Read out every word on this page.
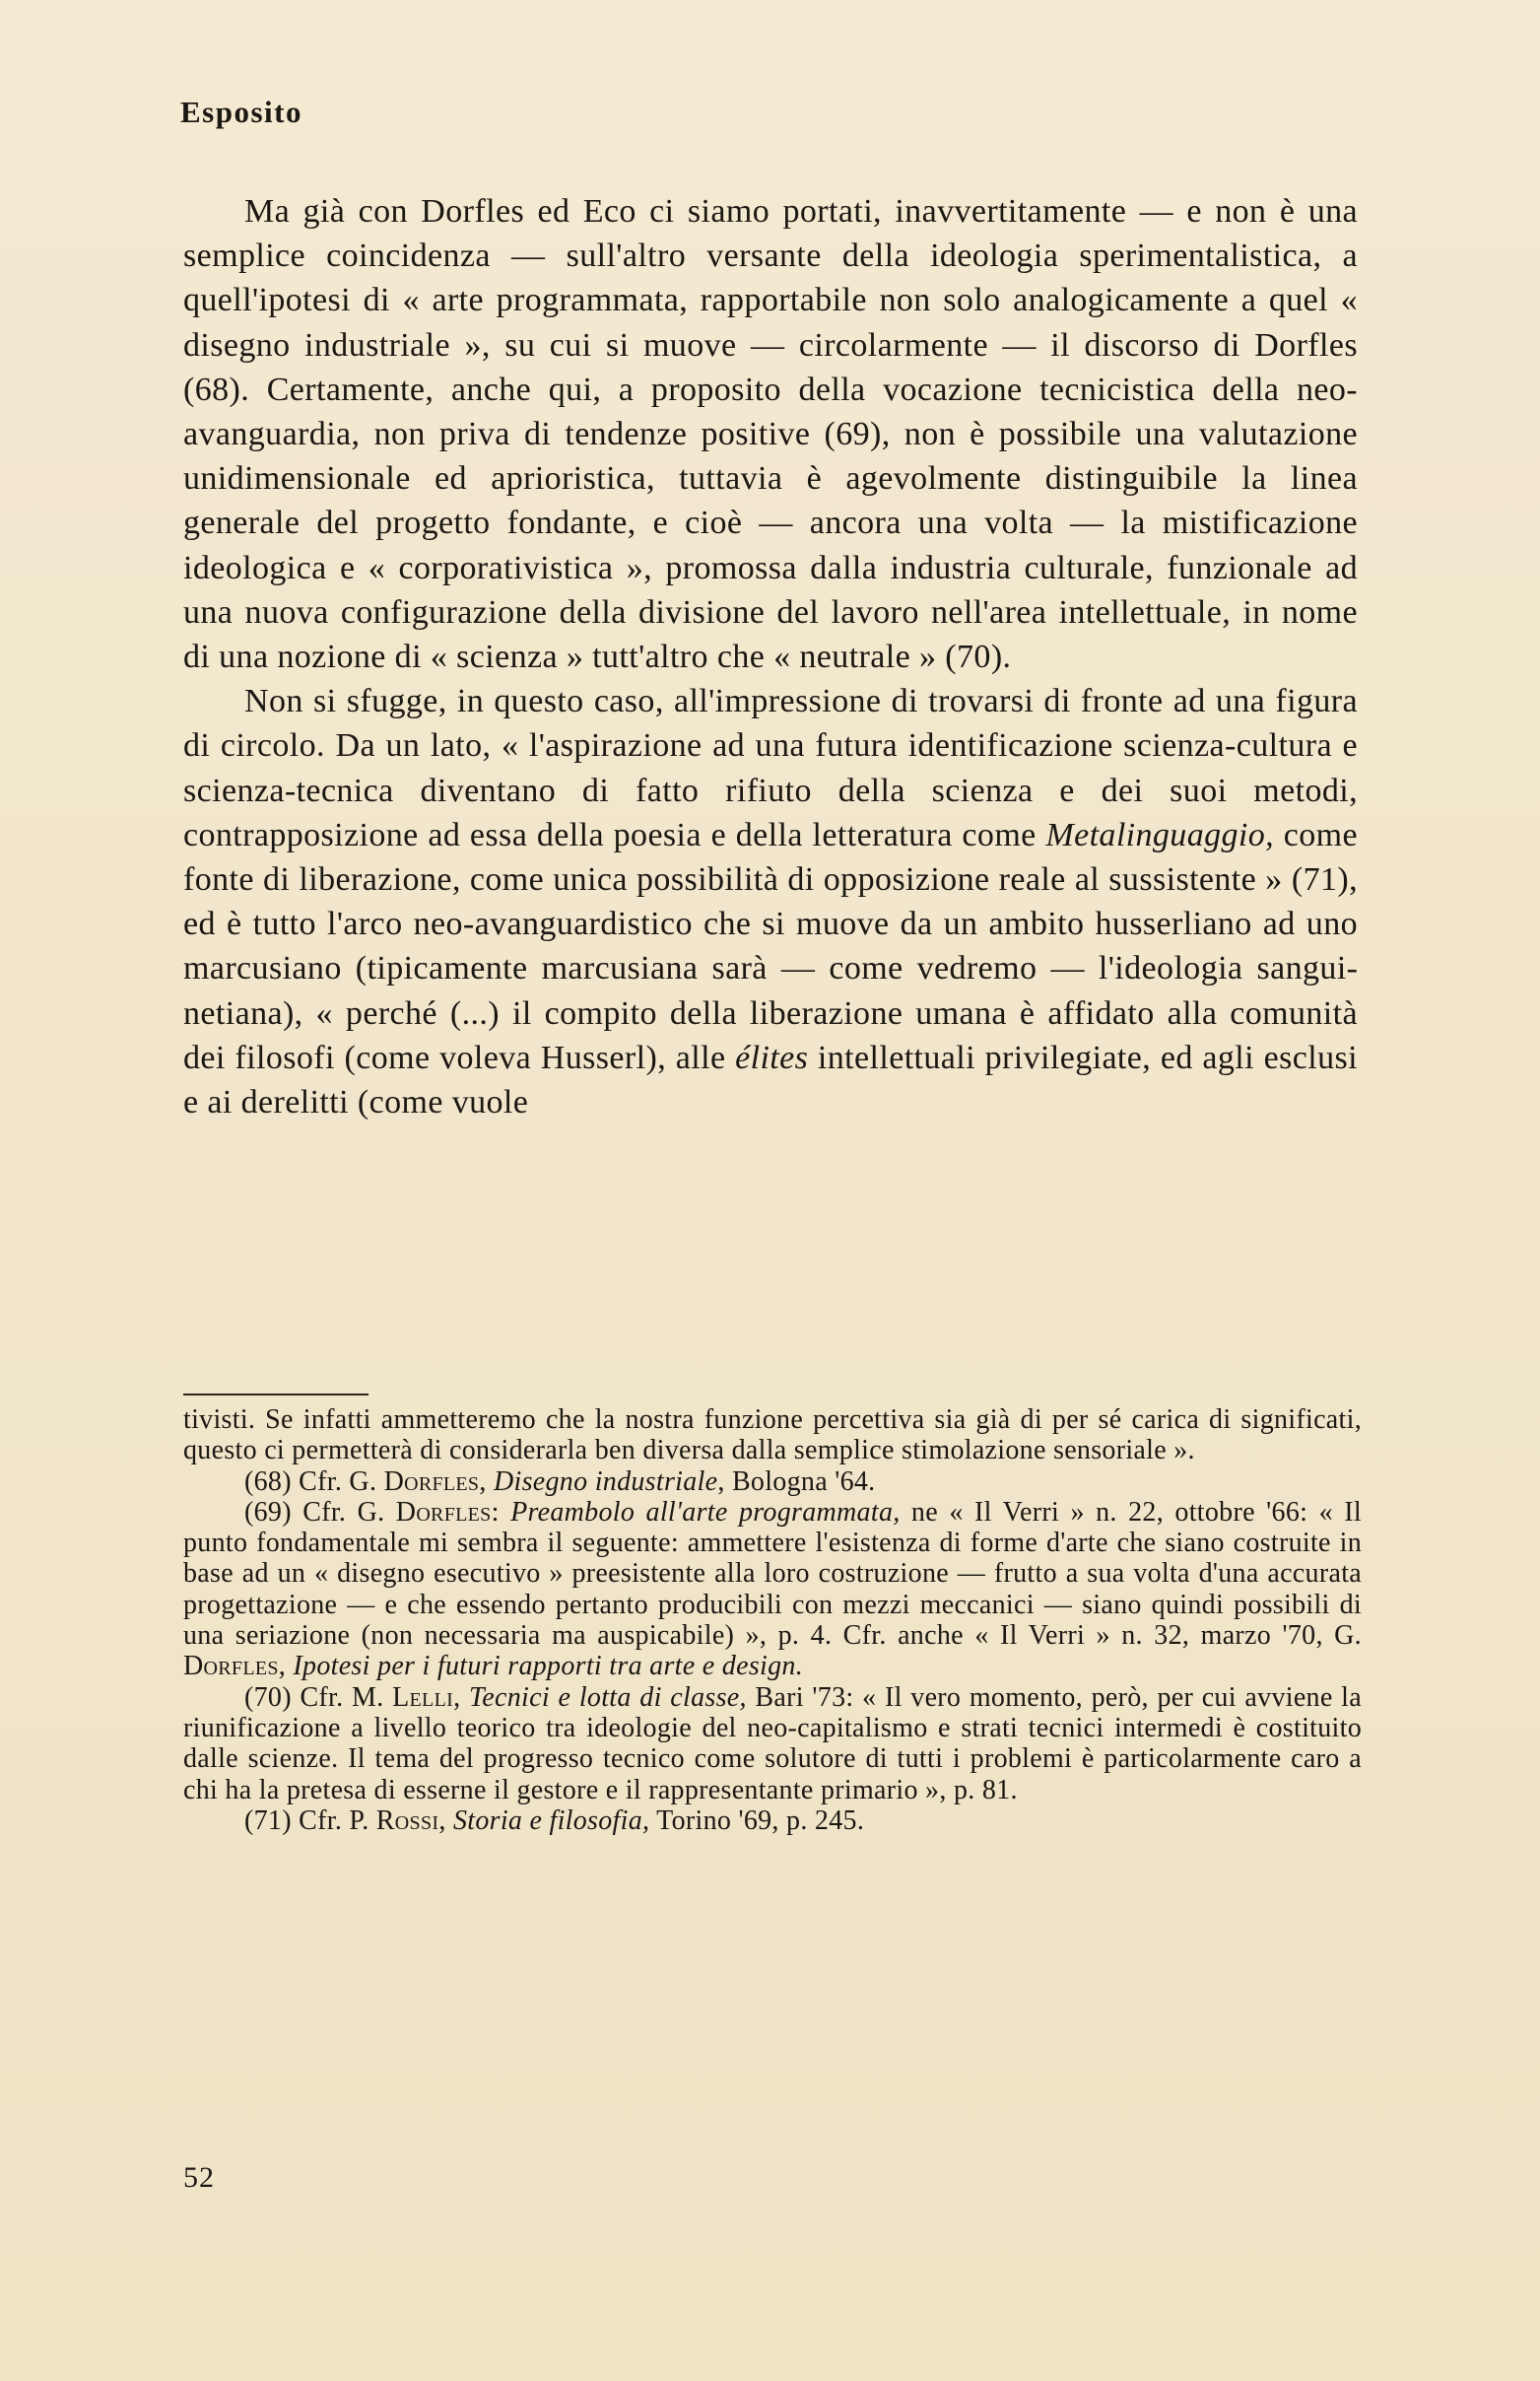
Esposito

Ma già con Dorfles ed Eco ci siamo portati, inavvertitamente — e non è una semplice coincidenza — sull'altro versante della ideologia sperimentalistica, a quell'ipotesi di « arte programmata, rapportabile non solo analogicamente a quel « disegno industriale », su cui si muove — circolarmente — il discorso di Dorfles (68). Certamente, anche qui, a proposito della vocazione tecnicistica della neo-avanguardia, non priva di tendenze positive (69), non è possibile una valutazione unidimensionale ed aprioristica, tuttavia è agevolmente distinguibile la linea generale del progetto fondante, e cioè — ancora una volta — la mistificazione ideologica e « corporativistica », promossa dalla industria culturale, funzionale ad una nuova configurazione della divisione del lavoro nell'area intellettuale, in nome di una nozione di « scienza » tutt'altro che « neutrale » (70).

Non si sfugge, in questo caso, all'impressione di trovarsi di fronte ad una figura di circolo. Da un lato, « l'aspirazione ad una futura identificazione scienza-cultura e scienza-tecnica diventano di fatto rifiuto della scienza e dei suoi metodi, contrapposizione ad essa della poesia e della letteratura come Metalinguaggio, come fonte di liberazione, come unica possibilità di opposizione reale al sussistente » (71), ed è tutto l'arco neo-avanguardistico che si muove da un ambito husserliano ad uno marcusiano (tipicamente marcusiana sarà — come vedremo — l'ideologia sanguinetiana), « perché (...) il compito della liberazione umana è affidato alla comunità dei filosofi (come voleva Husserl), alle élites intellettuali privilegiate, ed agli esclusi e ai derelitti (come vuole

tivisti. Se infatti ammetteremo che la nostra funzione percettiva sia già di per sé carica di significati, questo ci permetterà di considerarla ben diversa dalla semplice stimolazione sensoriale ».

(68) Cfr. G. Dorfles, Disegno industriale, Bologna '64.

(69) Cfr. G. Dorfles: Preambolo all'arte programmata, ne « Il Verri » n. 22, ottobre '66: « Il punto fondamentale mi sembra il seguente: ammettere l'esistenza di forme d'arte che siano costruite in base ad un « disegno esecutivo » preesistente alla loro costruzione — frutto a sua volta d'una accurata progettazione — e che essendo pertanto producibili con mezzi meccanici — siano quindi possibili di una seriazione (non necessaria ma auspicabile) », p. 4. Cfr. anche « Il Verri » n. 32, marzo '70, G. Dorfles, Ipotesi per i futuri rapporti tra arte e design.

(70) Cfr. M. Lelli, Tecnici e lotta di classe, Bari '73: « Il vero momento, però, per cui avviene la riunificazione a livello teorico tra ideologie del neo-capitalismo e strati tecnici intermedi è costituito dalle scienze. Il tema del progresso tecnico come solutore di tutti i problemi è particolarmente caro a chi ha la pretesa di esserne il gestore e il rappresentante primario », p. 81.

(71) Cfr. P. Rossi, Storia e filosofia, Torino '69, p. 245.

52
